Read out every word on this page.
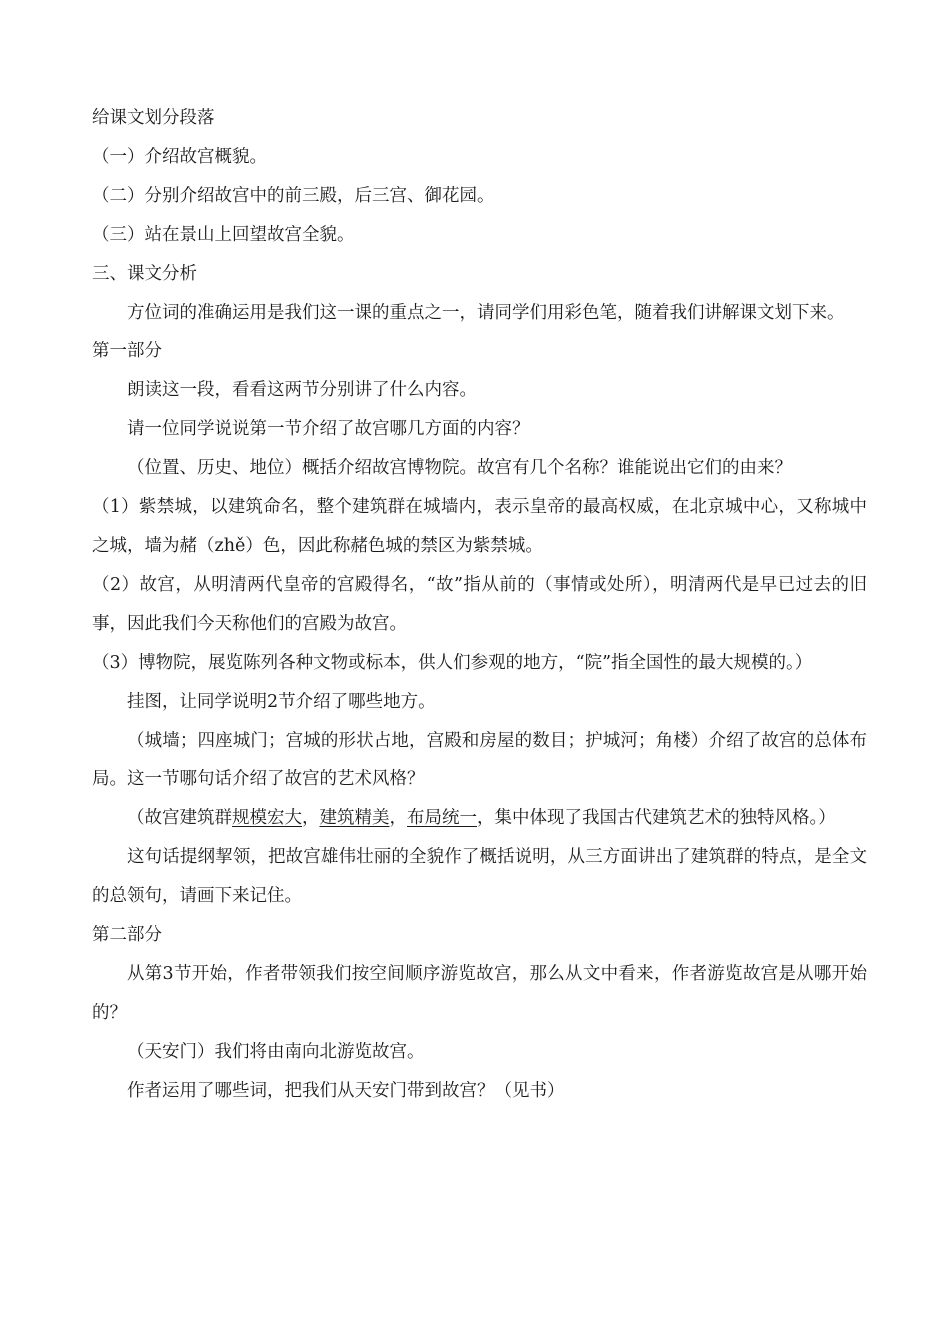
给课文划分段落

（一）介绍故宫概貌。

（二）分别介绍故宫中的前三殿，后三宫、御花园。

（三）站在景山上回望故宫全貌。

三、课文分析

方位词的准确运用是我们这一课的重点之一，请同学们用彩色笔，随着我们讲解课文划下来。

第一部分

朗读这一段，看看这两节分别讲了什么内容。

请一位同学说说第一节介绍了故宫哪几方面的内容？

（位置、历史、地位）概括介绍故宫博物院。故宫有几个名称？谁能说出它们的由来？

（1）紫禁城，以建筑命名，整个建筑群在城墙内，表示皇帝的最高权威，在北京城中心，又称城中之城，墙为赭（zhě）色，因此称赭色城的禁区为紫禁城。

（2）故宫，从明清两代皇帝的宫殿得名，“故”指从前的（事情或处所），明清两代是早已过去的旧事，因此我们今天称他们的宫殿为故宫。

（3）博物院，展览陈列各种文物或标本，供人们参观的地方，“院”指全国性的最大规模的。）

挂图，让同学说明2节介绍了哪些地方。

（城墙；四座城门；宫城的形状占地，宫殿和房屋的数目；护城河；角楼）介绍了故宫的总体布局。这一节哪句话介绍了故宫的艺术风格？

（故宫建筑群规模宏大，建筑精美，布局统一，集中体现了我国古代建筑艺术的独特风格。）

这句话提纲挈领，把故宫雄伟壮丽的全貌作了概括说明，从三方面讲出了建筑群的特点，是全文的总领句，请画下来记住。

第二部分

从第3节开始，作者带领我们按空间顺序游览故宫，那么从文中看来，作者游览故宫是从哪开始的？

（天安门）我们将由南向北游览故宫。

作者运用了哪些词，把我们从天安门带到故宫？（见书）
